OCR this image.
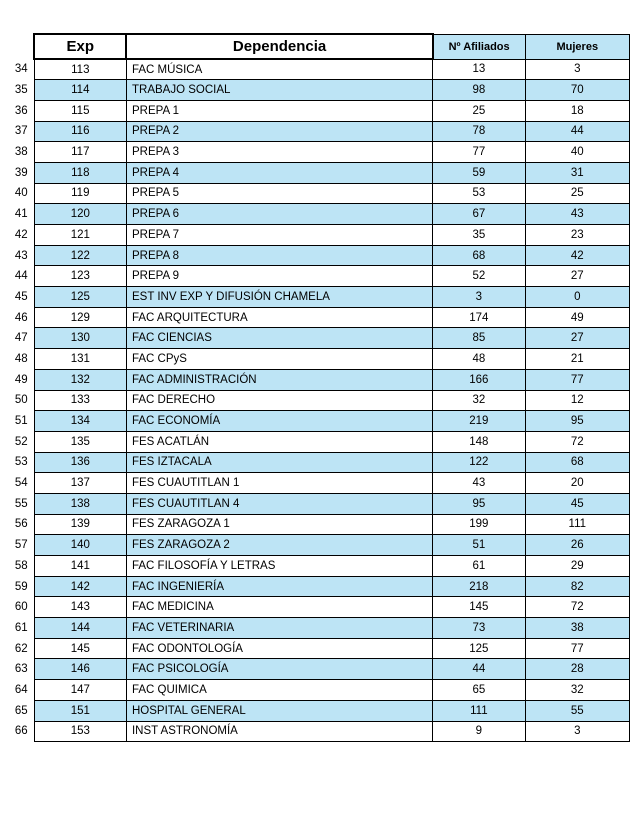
	Exp	Dependencia	Nº Afiliados	Mujeres
34	113	FAC MÚSICA	13	3
35	114	TRABAJO SOCIAL	98	70
36	115	PREPA 1	25	18
37	116	PREPA 2	78	44
38	117	PREPA 3	77	40
39	118	PREPA 4	59	31
40	119	PREPA 5	53	25
41	120	PREPA 6	67	43
42	121	PREPA 7	35	23
43	122	PREPA 8	68	42
44	123	PREPA 9	52	27
45	125	EST INV EXP Y DIFUSIÓN CHAMELA	3	0
46	129	FAC ARQUITECTURA	174	49
47	130	FAC CIENCIAS	85	27
48	131	FAC CPyS	48	21
49	132	FAC ADMINISTRACIÓN	166	77
50	133	FAC DERECHO	32	12
51	134	FAC ECONOMÍA	219	95
52	135	FES ACATLÁN	148	72
53	136	FES IZTACALA	122	68
54	137	FES CUAUTITLAN 1	43	20
55	138	FES CUAUTITLAN 4	95	45
56	139	FES ZARAGOZA 1	199	111
57	140	FES ZARAGOZA 2	51	26
58	141	FAC FILOSOFÍA Y LETRAS	61	29
59	142	FAC INGENIERÍA	218	82
60	143	FAC MEDICINA	145	72
61	144	FAC VETERINARIA	73	38
62	145	FAC ODONTOLOGÍA	125	77
63	146	FAC PSICOLOGÍA	44	28
64	147	FAC QUIMICA	65	32
65	151	HOSPITAL GENERAL	111	55
66	153	INST ASTRONOMÍA	9	3
